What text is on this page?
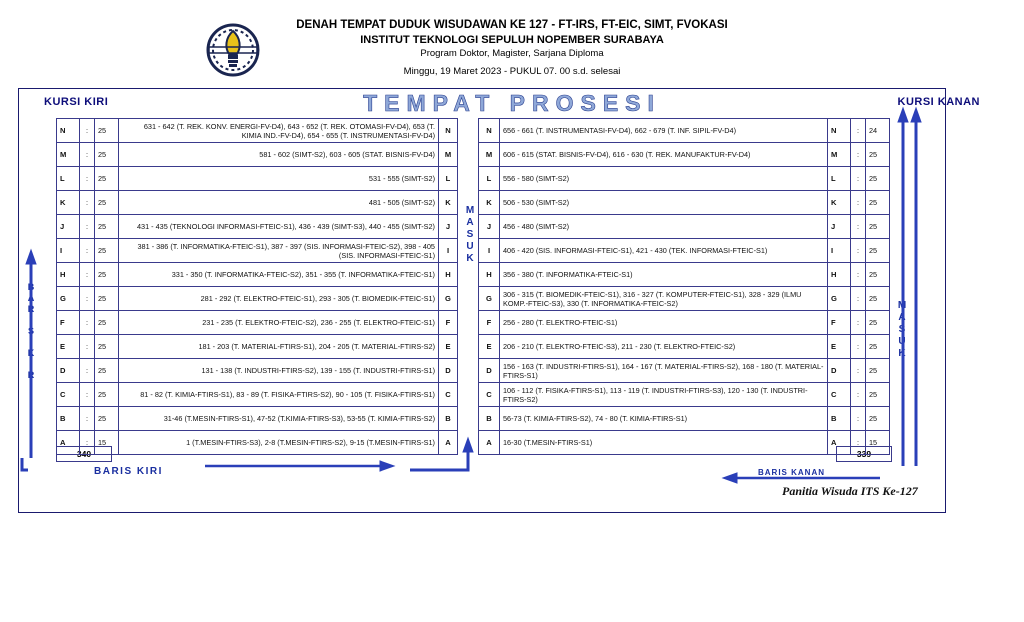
DENAH TEMPAT DUDUK WISUDAWAN KE 127 - FT-IRS, FT-EIC, SIMT, FVOKASI
INSTITUT TEKNOLOGI SEPULUH NOPEMBER SURABAYA
Program Doktor, Magister, Sarjana Diploma
Minggu, 19 Maret 2023 - PUKUL 07. 00 s.d. selesai
KURSI KIRI	KURSI KANAN
TEMPAT PROSESI
M
A
S
U
K
M
A
S
U
K
B
A
R
I
S

K
I
R
I
BARIS KIRI	BARIS KANAN
Panitia Wisuda ITS Ke-127
340	339
N	:	25	631 - 642 (T. REK. KONV. ENERGI-FV-D4), 643 - 652 (T. REK. OTOMASI-FV-D4), 653 (T. KIMIA IND.-FV-D4), 654 - 655 (T. INSTRUMENTASI-FV-D4)	N
M	:	25	581 - 602 (SIMT-S2), 603 - 605 (STAT. BISNIS-FV-D4)	M
L	:	25	531 - 555 (SIMT-S2)	L
K	:	25	481 - 505 (SIMT-S2)	K
J	:	25	431 - 435 (TEKNOLOGI INFORMASI-FTEIC-S1), 436 - 439 (SIMT-S3), 440 - 455 (SIMT-S2)	J
I	:	25	381 - 386 (T. INFORMATIKA-FTEIC-S1), 387 - 397 (SIS. INFORMASI-FTEIC-S2), 398 - 405 (SIS. INFORMASI-FTEIC-S1)	I
H	:	25	331 - 350 (T. INFORMATIKA-FTEIC-S2), 351 - 355 (T. INFORMATIKA-FTEIC-S1)	H
G	:	25	281 - 292 (T. ELEKTRO-FTEIC-S1), 293 - 305 (T. BIOMEDIK-FTEIC-S1)	G
F	:	25	231 - 235 (T. ELEKTRO-FTEIC-S2), 236 - 255 (T. ELEKTRO-FTEIC-S1)	F
E	:	25	181 - 203 (T. MATERIAL-FTIRS-S1), 204 - 205 (T. MATERIAL-FTIRS-S2)	E
D	:	25	131 - 138 (T. INDUSTRI-FTIRS-S2), 139 - 155 (T. INDUSTRI-FTIRS-S1)	D
C	:	25	81 - 82 (T. KIMIA-FTIRS-S1), 83 - 89 (T. FISIKA-FTIRS-S2), 90 - 105 (T. FISIKA-FTIRS-S1)	C
B	:	25	31-46 (T.MESIN-FTIRS-S1), 47-52 (T.KIMIA-FTIRS-S3), 53-55 (T. KIMIA-FTIRS-S2)	B
A	:	15	1 (T.MESIN-FTIRS-S3), 2-8 (T.MESIN-FTIRS-S2), 9-15 (T.MESIN-FTIRS-S1)	A
N	656 - 661 (T. INSTRUMENTASI-FV-D4), 662 - 679 (T. INF. SIPIL-FV-D4)	N	:	24
M	606 - 615 (STAT. BISNIS-FV-D4), 616 - 630 (T. REK. MANUFAKTUR-FV-D4)	M	:	25
L	556 - 580 (SIMT-S2)	L	:	25
K	506 - 530 (SIMT-S2)	K	:	25
J	456 - 480 (SIMT-S2)	J	:	25
I	406 - 420 (SIS. INFORMASI-FTEIC-S1), 421 - 430 (TEK. INFORMASI-FTEIC-S1)	I	:	25
H	356 - 380 (T. INFORMATIKA-FTEIC-S1)	H	:	25
G	306 - 315 (T. BIOMEDIK-FTEIC-S1), 316 - 327 (T. KOMPUTER-FTEIC-S1), 328 - 329 (ILMU KOMP.-FTEIC-S3), 330 (T. INFORMATIKA-FTEIC-S2)	G	:	25
F	256 - 280 (T. ELEKTRO-FTEIC-S1)	F	:	25
E	206 - 210 (T. ELEKTRO-FTEIC-S3), 211 - 230 (T. ELEKTRO-FTEIC-S2)	E	:	25
D	156 - 163 (T. INDUSTRI-FTIRS-S1), 164 - 167 (T. MATERIAL-FTIRS-S2), 168 - 180 (T. MATERIAL-FTIRS-S1)	D	:	25
C	106 - 112 (T. FISIKA-FTIRS-S1), 113 - 119 (T. INDUSTRI-FTIRS-S3), 120 - 130 (T. INDUSTRI-FTIRS-S2)	C	:	25
B	56-73 (T. KIMIA-FTIRS-S2), 74 - 80 (T. KIMIA-FTIRS-S1)	B	:	25
A	16-30 (T.MESIN-FTIRS-S1)	A	:	15
